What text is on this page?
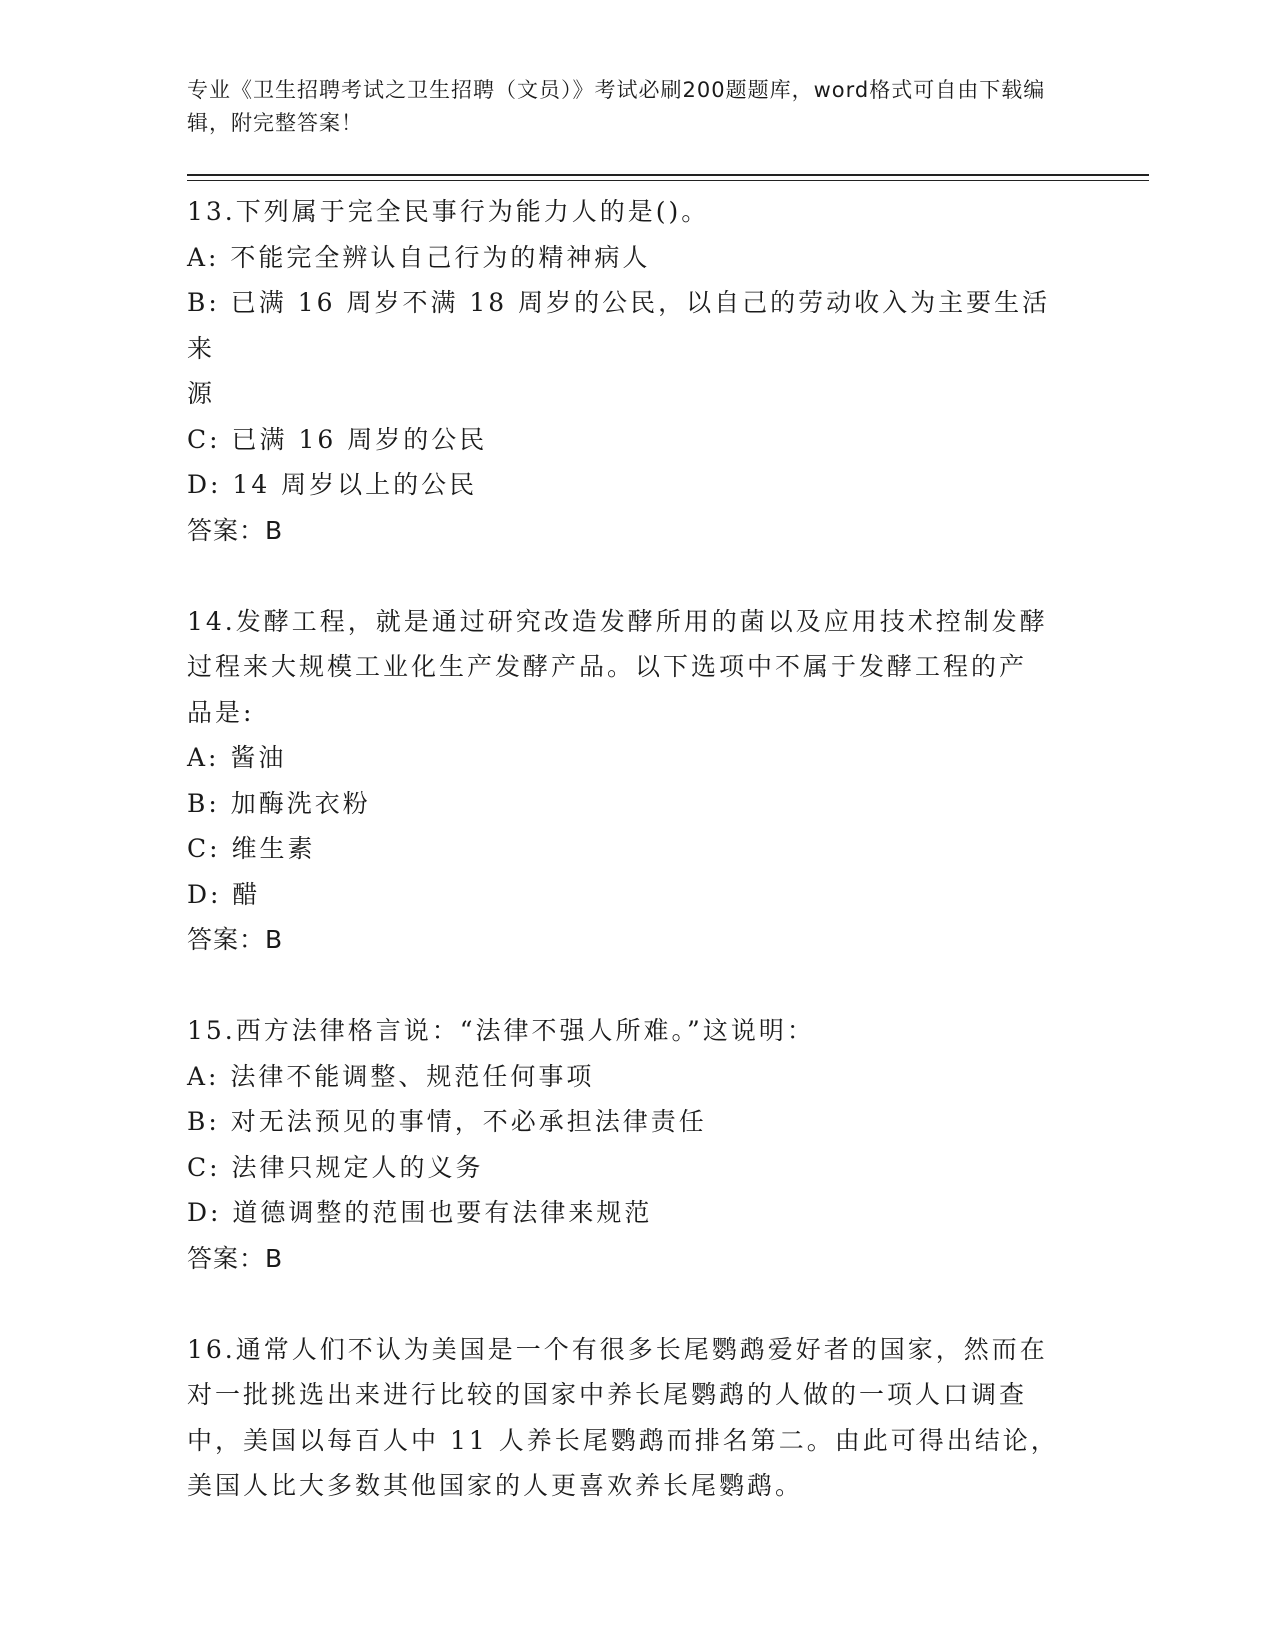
专业《卫生招聘考试之卫生招聘（文员）》考试必刷200题题库，word格式可自由下载编辑，附完整答案！
13.下列属于完全民事行为能力人的是()。
A: 不能完全辨认自己行为的精神病人
B: 已满 16 周岁不满 18 周岁的公民，以自己的劳动收入为主要生活来
源
C: 已满 16 周岁的公民
D: 14 周岁以上的公民
答案：B
14.发酵工程，就是通过研究改造发酵所用的菌以及应用技术控制发酵
过程来大规模工业化生产发酵产品。以下选项中不属于发酵工程的产
品是:
A: 酱油
B: 加酶洗衣粉
C: 维生素
D: 醋
答案：B
15.西方法律格言说：“法律不强人所难。”这说明：
A: 法律不能调整、规范任何事项
B: 对无法预见的事情，不必承担法律责任
C: 法律只规定人的义务
D: 道德调整的范围也要有法律来规范
答案：B
16.通常人们不认为美国是一个有很多长尾鹦鹉爱好者的国家，然而在
对一批挑选出来进行比较的国家中养长尾鹦鹉的人做的一项人口调查
中，美国以每百人中 11 人养长尾鹦鹉而排名第二。由此可得出结论，
美国人比大多数其他国家的人更喜欢养长尾鹦鹉。
